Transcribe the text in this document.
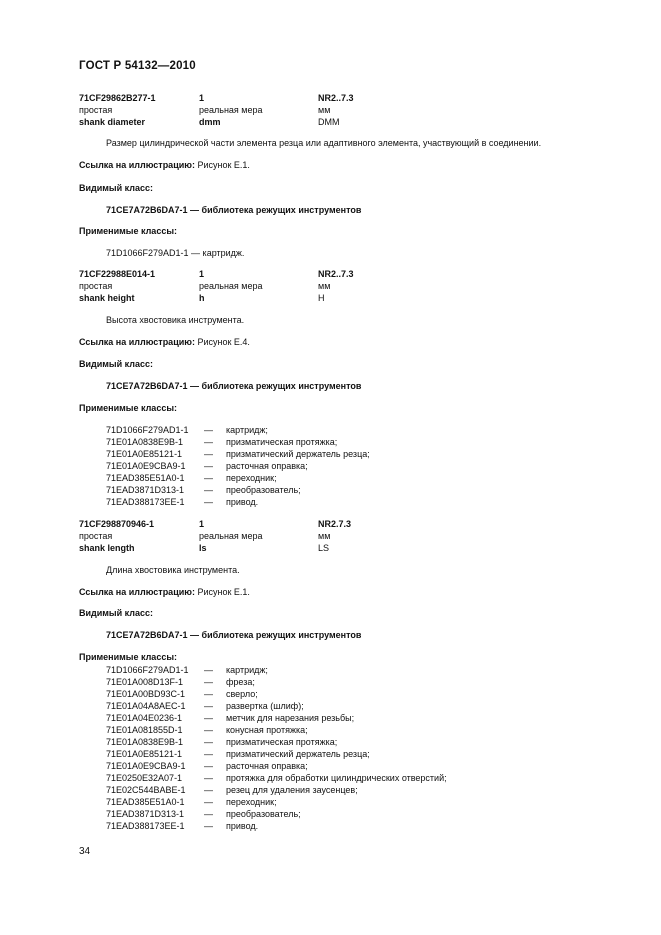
ГОСТ Р 54132—2010
71CF29862B277-1	1	NR2..7.3
простая	реальная мера	мм
shank diameter	dmm	DMM
Размер цилиндрической части элемента резца или адаптивного элемента, участвующий в соединении.
Ссылка на иллюстрацию: Рисунок Е.1.
Видимый класс:
71CE7A72B6DA7-1 — библиотека режущих инструментов
Применимые классы:
71D1066F279AD1-1 — картридж.
71CF22988E014-1	1	NR2..7.3
простая	реальная мера	мм
shank height	h	H
Высота хвостовика инструмента.
Ссылка на иллюстрацию: Рисунок Е.4.
Видимый класс:
71CE7A72B6DA7-1 — библиотека режущих инструментов
Применимые классы:
71D1066F279AD1-1 — картридж;
71E01A0838E9B-1 — призматическая протяжка;
71E01A0E85121-1 — призматический держатель резца;
71E01A0E9CBA9-1 — расточная оправка;
71EAD385E51A0-1 — переходник;
71EAD3871D313-1 — преобразователь;
71EAD388173EE-1 — привод.
71CF298870946-1	1	NR2.7.3
простая	реальная мера	мм
shank length	ls	LS
Длина хвостовика инструмента.
Ссылка на иллюстрацию: Рисунок Е.1.
Видимый класс:
71CE7A72B6DA7-1 — библиотека режущих инструментов
Применимые классы:
71D1066F279AD1-1 — картридж;
71E01A008D13F-1 — фреза;
71E01A00BD93C-1 — сверло;
71E01A04A8AEC-1 — развертка (шлиф);
71E01A04E0236-1 — метчик для нарезания резьбы;
71E01A081855D-1 — конусная протяжка;
71E01A0838E9B-1 — призматическая протяжка;
71E01A0E85121-1 — призматический держатель резца;
71E01A0E9CBA9-1 — расточная оправка;
71E0250E32A07-1 — протяжка для обработки цилиндрических отверстий;
71E02C544BABE-1 — резец для удаления заусенцев;
71EAD385E51A0-1 — переходник;
71EAD3871D313-1 — преобразователь;
71EAD388173EE-1 — привод.
34
